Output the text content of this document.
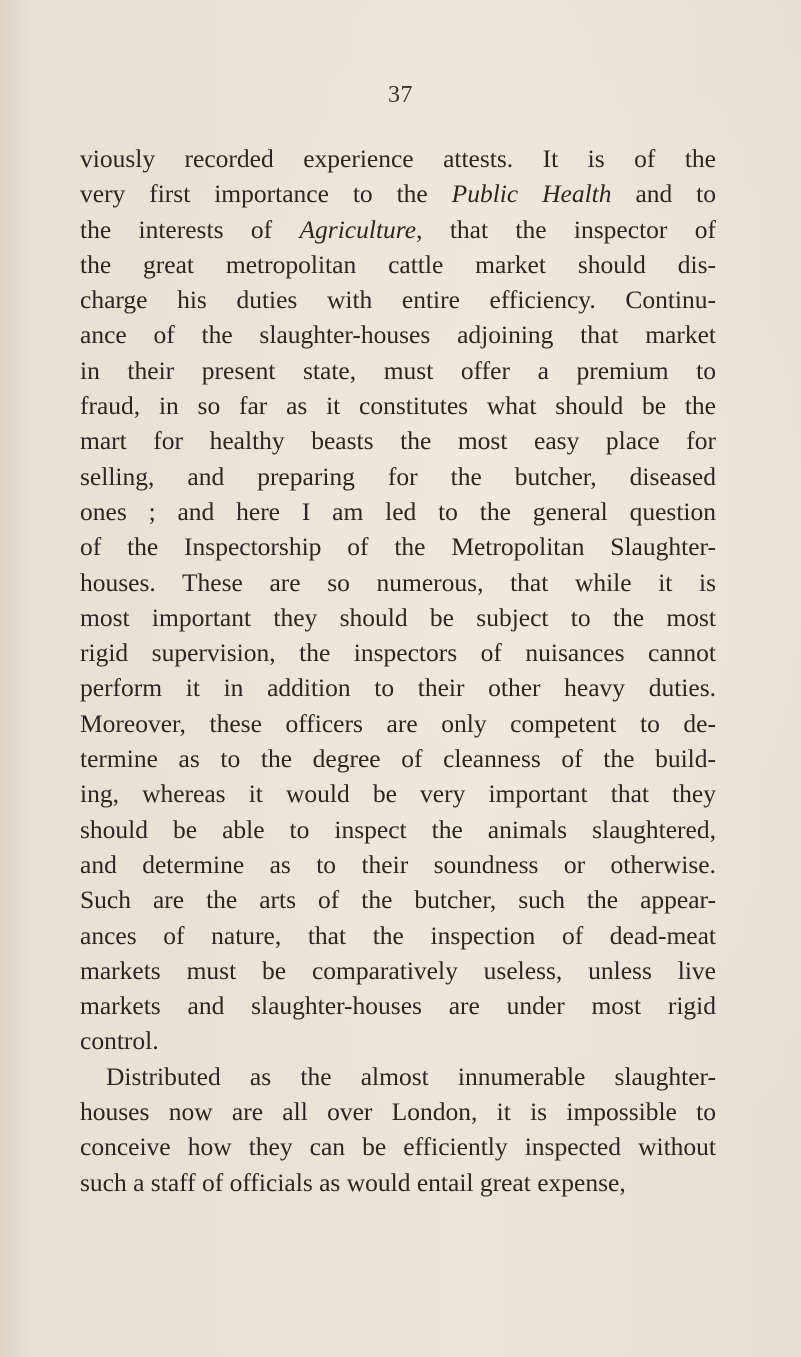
37
viously recorded experience attests. It is of the
very first importance to the Public Health and to
the interests of Agriculture, that the inspector of
the great metropolitan cattle market should dis-
charge his duties with entire efficiency. Continu-
ance of the slaughter-houses adjoining that market
in their present state, must offer a premium to
fraud, in so far as it constitutes what should be the
mart for healthy beasts the most easy place for
selling, and preparing for the butcher, diseased
ones ; and here I am led to the general question
of the Inspectorship of the Metropolitan Slaughter-
houses. These are so numerous, that while it is
most important they should be subject to the most
rigid supervision, the inspectors of nuisances cannot
perform it in addition to their other heavy duties.
Moreover, these officers are only competent to de-
termine as to the degree of cleanness of the build-
ing, whereas it would be very important that they
should be able to inspect the animals slaughtered,
and determine as to their soundness or otherwise.
Such are the arts of the butcher, such the appear-
ances of nature, that the inspection of dead-meat
markets must be comparatively useless, unless live
markets and slaughter-houses are under most rigid
control.
Distributed as the almost innumerable slaughter-
houses now are all over London, it is impossible to
conceive how they can be efficiently inspected without
such a staff of officials as would entail great expense,
